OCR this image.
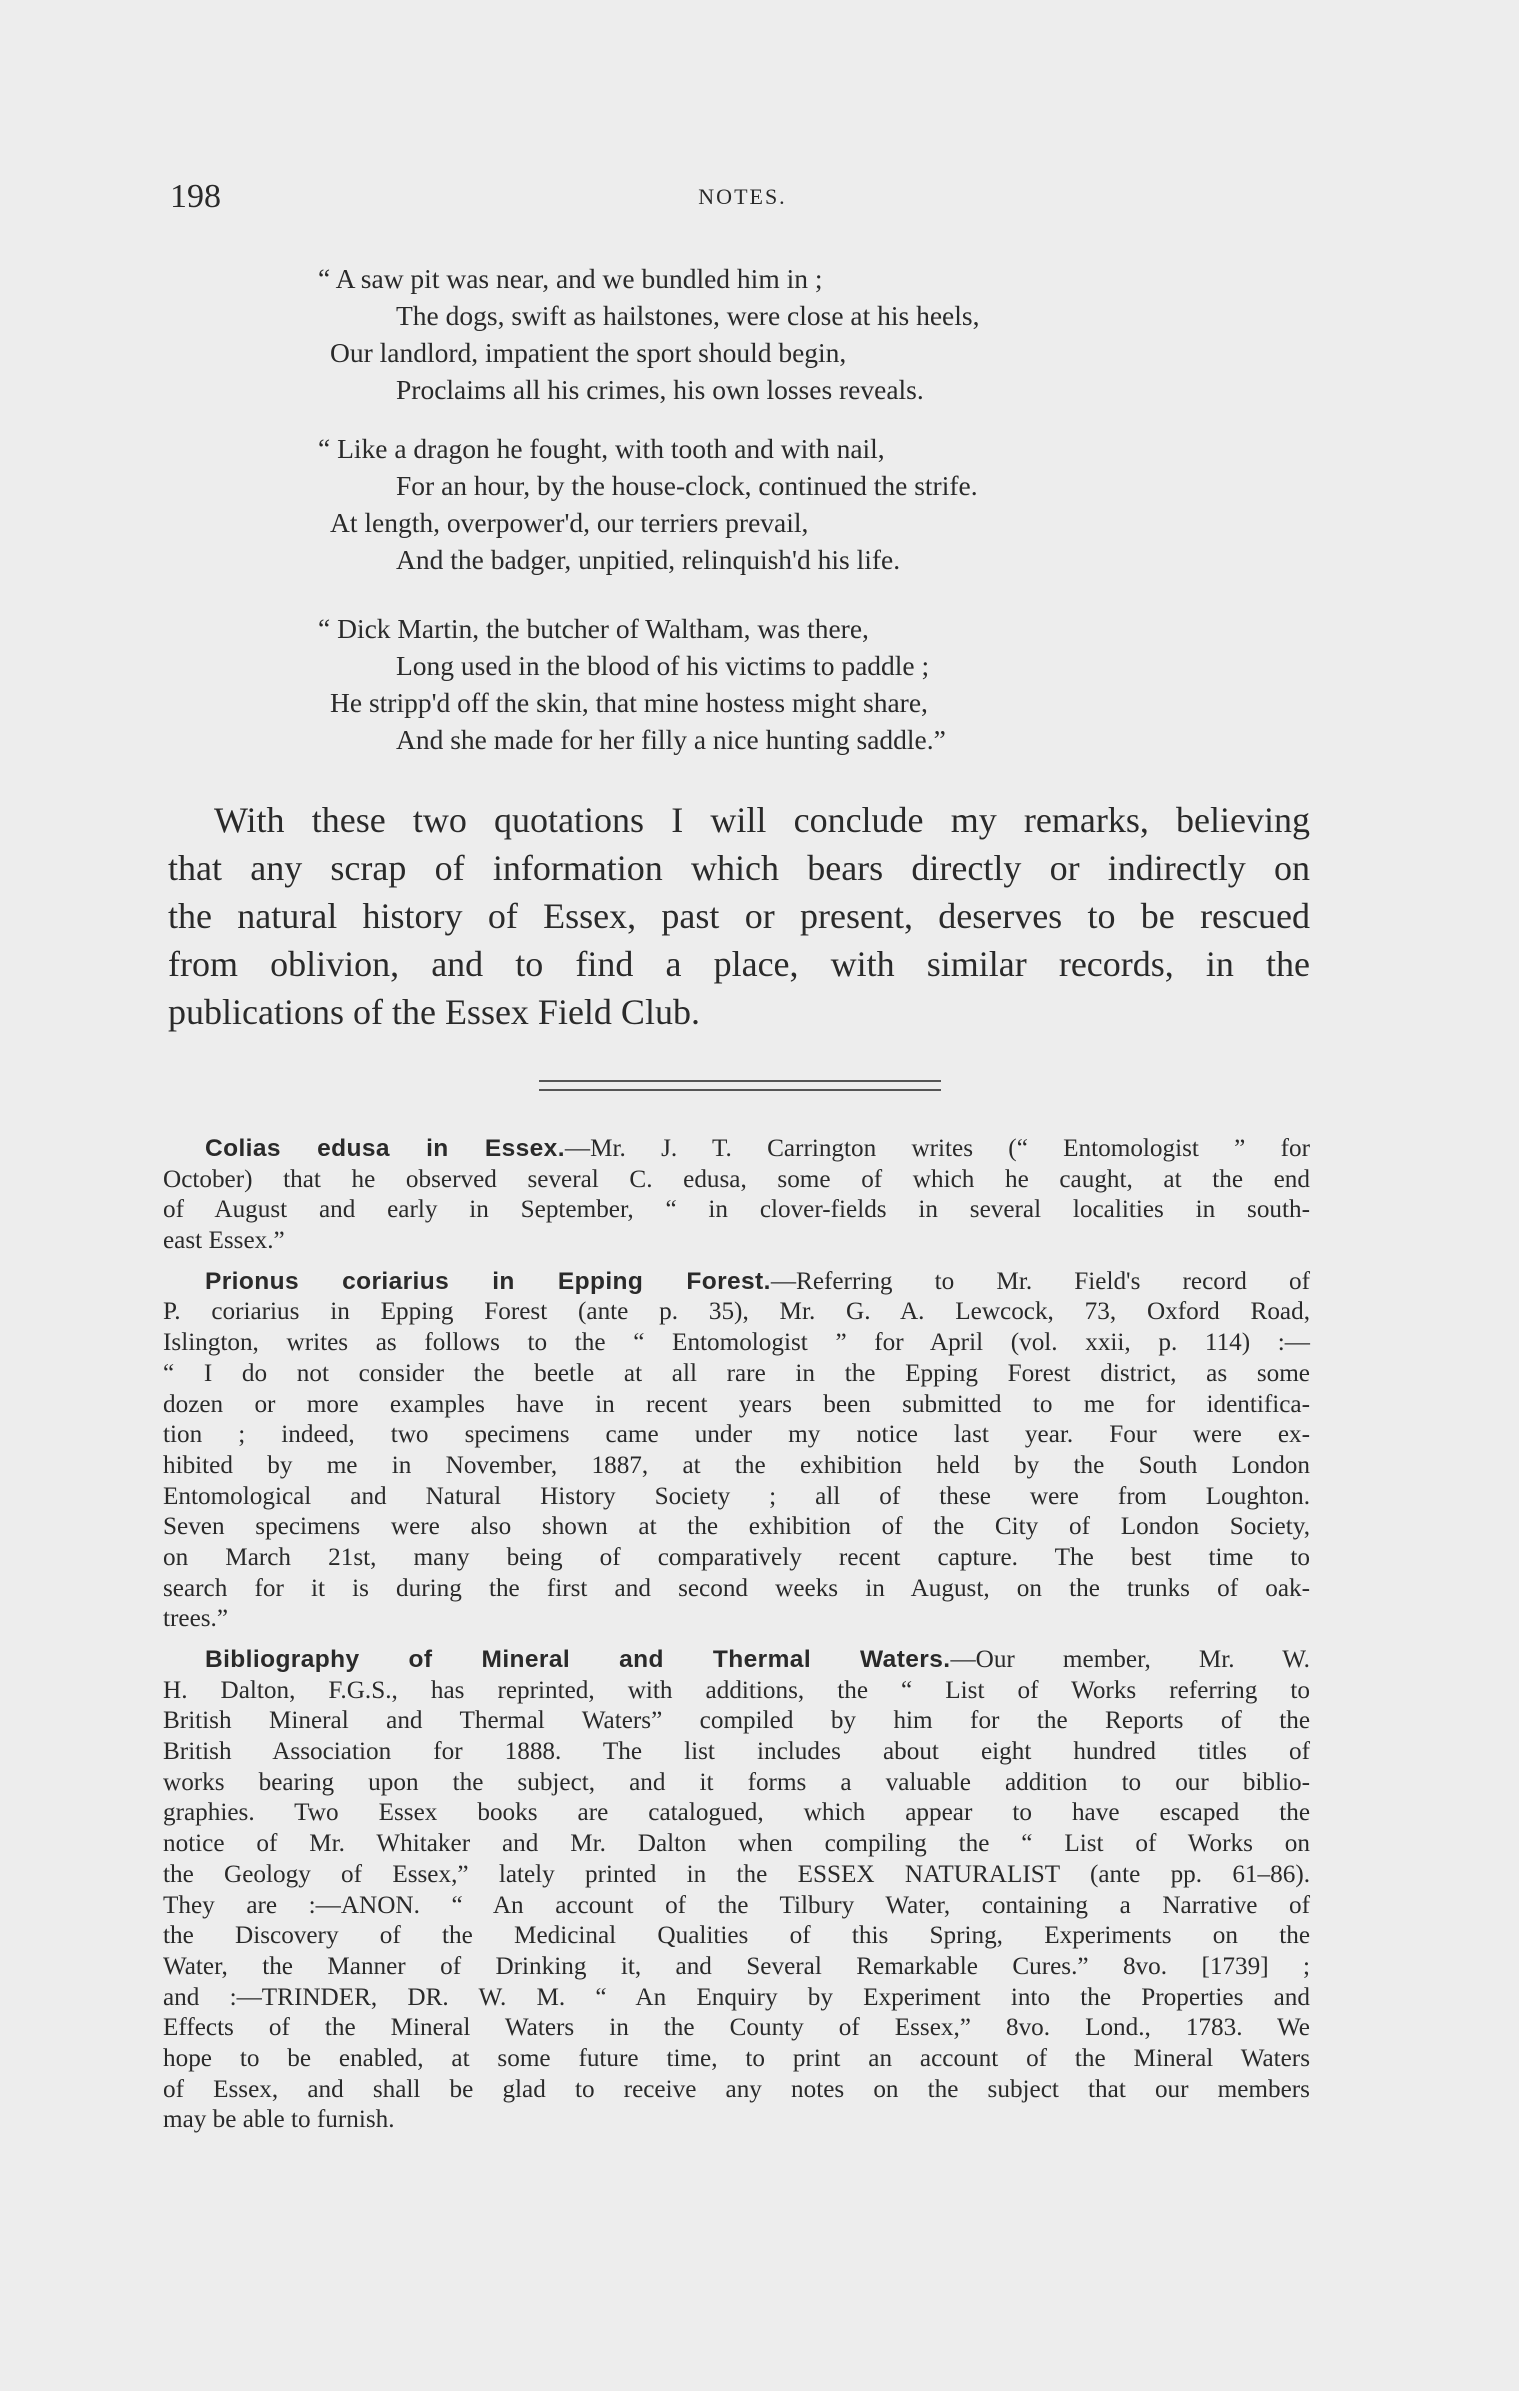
198	NOTES.
“ A saw pit was near, and we bundled him in ;
The dogs, swift as hailstones, were close at his heels,
Our landlord, impatient the sport should begin,
Proclaims all his crimes, his own losses reveals.
“ Like a dragon he fought, with tooth and with nail,
For an hour, by the house-clock, continued the strife.
At length, overpower'd, our terriers prevail,
And the badger, unpitied, relinquish'd his life.
“ Dick Martin, the butcher of Waltham, was there,
Long used in the blood of his victims to paddle ;
He stripp'd off the skin, that mine hostess might share,
And she made for her filly a nice hunting saddle.”
With these two quotations I will conclude my remarks, believing
that any scrap of information which bears directly or indirectly on
the natural history of Essex, past or present, deserves to be rescued
from oblivion, and to find a place, with similar records, in the
publications of the Essex Field Club.
Colias edusa in Essex.—Mr. J. T. Carrington writes (“ Entomologist ” for
October) that he observed several C. edusa, some of which he caught, at the end
of August and early in September, “ in clover-fields in several localities in south-
east Essex.”
Prionus coriarius in Epping Forest.—Referring to Mr. Field's record of
P. coriarius in Epping Forest (ante p. 35), Mr. G. A. Lewcock, 73, Oxford Road,
Islington, writes as follows to the “ Entomologist ” for April (vol. xxii, p. 114) :—
“ I do not consider the beetle at all rare in the Epping Forest district, as some
dozen or more examples have in recent years been submitted to me for identifica-
tion ; indeed, two specimens came under my notice last year. Four were ex-
hibited by me in November, 1887, at the exhibition held by the South London
Entomological and Natural History Society ; all of these were from Loughton.
Seven specimens were also shown at the exhibition of the City of London Society,
on March 21st, many being of comparatively recent capture. The best time to
search for it is during the first and second weeks in August, on the trunks of oak-
trees.”
Bibliography of Mineral and Thermal Waters.—Our member, Mr. W.
H. Dalton, F.G.S., has reprinted, with additions, the “ List of Works referring to
British Mineral and Thermal Waters” compiled by him for the Reports of the
British Association for 1888. The list includes about eight hundred titles of
works bearing upon the subject, and it forms a valuable addition to our biblio-
graphies. Two Essex books are catalogued, which appear to have escaped the
notice of Mr. Whitaker and Mr. Dalton when compiling the “ List of Works on
the Geology of Essex,” lately printed in the ESSEX NATURALIST (ante pp. 61–86).
They are :—ANON. “ An account of the Tilbury Water, containing a Narrative of
the Discovery of the Medicinal Qualities of this Spring, Experiments on the
Water, the Manner of Drinking it, and Several Remarkable Cures.” 8vo. [1739] ;
and :—TRINDER, DR. W. M. “ An Enquiry by Experiment into the Properties and
Effects of the Mineral Waters in the County of Essex,” 8vo. Lond., 1783. We
hope to be enabled, at some future time, to print an account of the Mineral Waters
of Essex, and shall be glad to receive any notes on the subject that our members
may be able to furnish.
